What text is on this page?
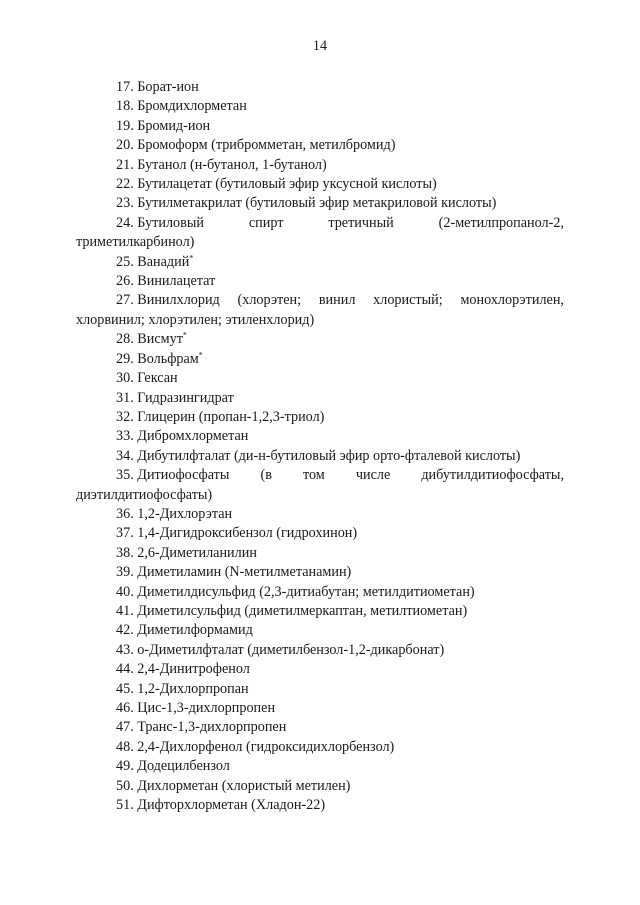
14
17. Борат-ион
18. Бромдихлорметан
19. Бромид-ион
20. Бромоформ (трибромметан, метилбромид)
21. Бутанол (н-бутанол, 1-бутанол)
22. Бутилацетат (бутиловый эфир уксусной кислоты)
23. Бутилметакрилат (бутиловый эфир метакриловой кислоты)
24. Бутиловый	спирт	третичный	(2-метилпропанол-2,
триметилкарбинол)
25. Ванадий*
26. Винилацетат
27. Винилхлорид (хлорэтен; винил хлористый; монохлорэтилен,
хлорвинил; хлорэтилен; этиленхлорид)
28. Висмут*
29. Вольфрам*
30. Гексан
31. Гидразингидрат
32. Глицерин (пропан-1,2,3-триол)
33. Дибромхлорметан
34. Дибутилфталат (ди-н-бутиловый эфир орто-фталевой кислоты)
35. Дитиофосфаты (в том числе дибутилдитиофосфаты,
диэтилдитиофосфаты)
36. 1,2-Дихлорэтан
37. 1,4-Дигидроксибензол (гидрохинон)
38. 2,6-Диметиланилин
39. Диметиламин (N-метилметанамин)
40. Диметилдисульфид (2,3-дитиабутан; метилдитиометан)
41. Диметилсульфид (диметилмеркаптан, метилтиометан)
42. Диметилформамид
43. о-Диметилфталат (диметилбензол-1,2-дикарбонат)
44. 2,4-Динитрофенол
45. 1,2-Дихлорпропан
46. Цис-1,3-дихлорпропен
47. Транс-1,3-дихлорпропен
48. 2,4-Дихлорфенол (гидроксидихлорбензол)
49. Додецилбензол
50. Дихлорметан (хлористый метилен)
51. Дифторхлорметан (Хладон-22)
